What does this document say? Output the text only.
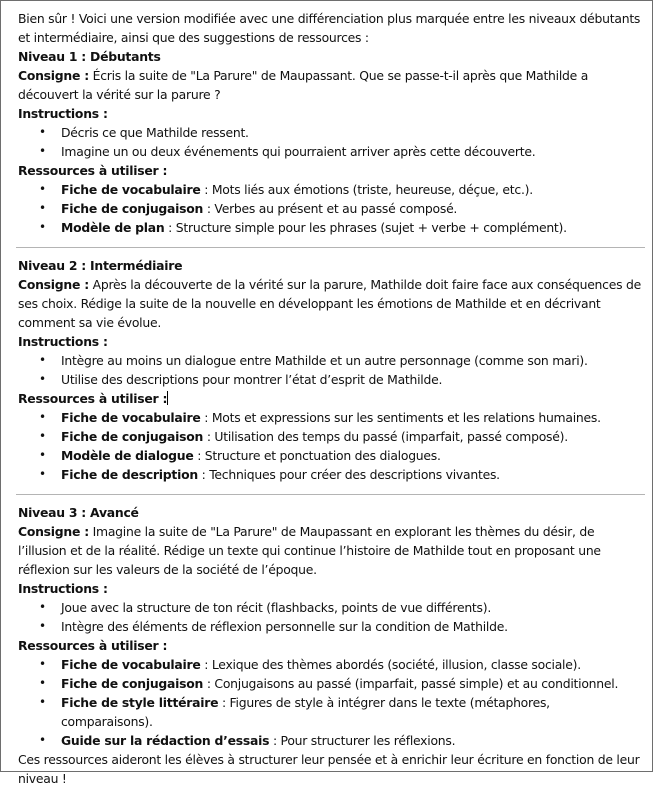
Bien sûr ! Voici une version modifiée avec une différenciation plus marquée entre les niveaux débutants et intermédiaire, ainsi que des suggestions de ressources :

Niveau 1 : Débutants

Consigne : Écris la suite de "La Parure" de Maupassant. Que se passe-t-il après que Mathilde a découvert la vérité sur la parure ?

Instructions :

• Décris ce que Mathilde ressent.
• Imagine un ou deux événements qui pourraient arriver après cette découverte.

Ressources à utiliser :

• Fiche de vocabulaire : Mots liés aux émotions (triste, heureuse, déçue, etc.).
• Fiche de conjugaison : Verbes au présent et au passé composé.
• Modèle de plan : Structure simple pour les phrases (sujet + verbe + complément).

Niveau 2 : Intermédiaire

Consigne : Après la découverte de la vérité sur la parure, Mathilde doit faire face aux conséquences de ses choix. Rédige la suite de la nouvelle en développant les émotions de Mathilde et en décrivant comment sa vie évolue.

Instructions :

• Intègre au moins un dialogue entre Mathilde et un autre personnage (comme son mari).
• Utilise des descriptions pour montrer l’état d’esprit de Mathilde.

Ressources à utiliser :

• Fiche de vocabulaire : Mots et expressions sur les sentiments et les relations humaines.
• Fiche de conjugaison : Utilisation des temps du passé (imparfait, passé composé).
• Modèle de dialogue : Structure et ponctuation des dialogues.
• Fiche de description : Techniques pour créer des descriptions vivantes.

Niveau 3 : Avancé

Consigne : Imagine la suite de "La Parure" de Maupassant en explorant les thèmes du désir, de l’illusion et de la réalité. Rédige un texte qui continue l’histoire de Mathilde tout en proposant une réflexion sur les valeurs de la société de l’époque.

Instructions :

• Joue avec la structure de ton récit (flashbacks, points de vue différents).
• Intègre des éléments de réflexion personnelle sur la condition de Mathilde.

Ressources à utiliser :

• Fiche de vocabulaire : Lexique des thèmes abordés (société, illusion, classe sociale).
• Fiche de conjugaison : Conjugaisons au passé (imparfait, passé simple) et au conditionnel.
• Fiche de style littéraire : Figures de style à intégrer dans le texte (métaphores, comparaisons).
• Guide sur la rédaction d’essais : Pour structurer les réflexions.

Ces ressources aideront les élèves à structurer leur pensée et à enrichir leur écriture en fonction de leur niveau !
